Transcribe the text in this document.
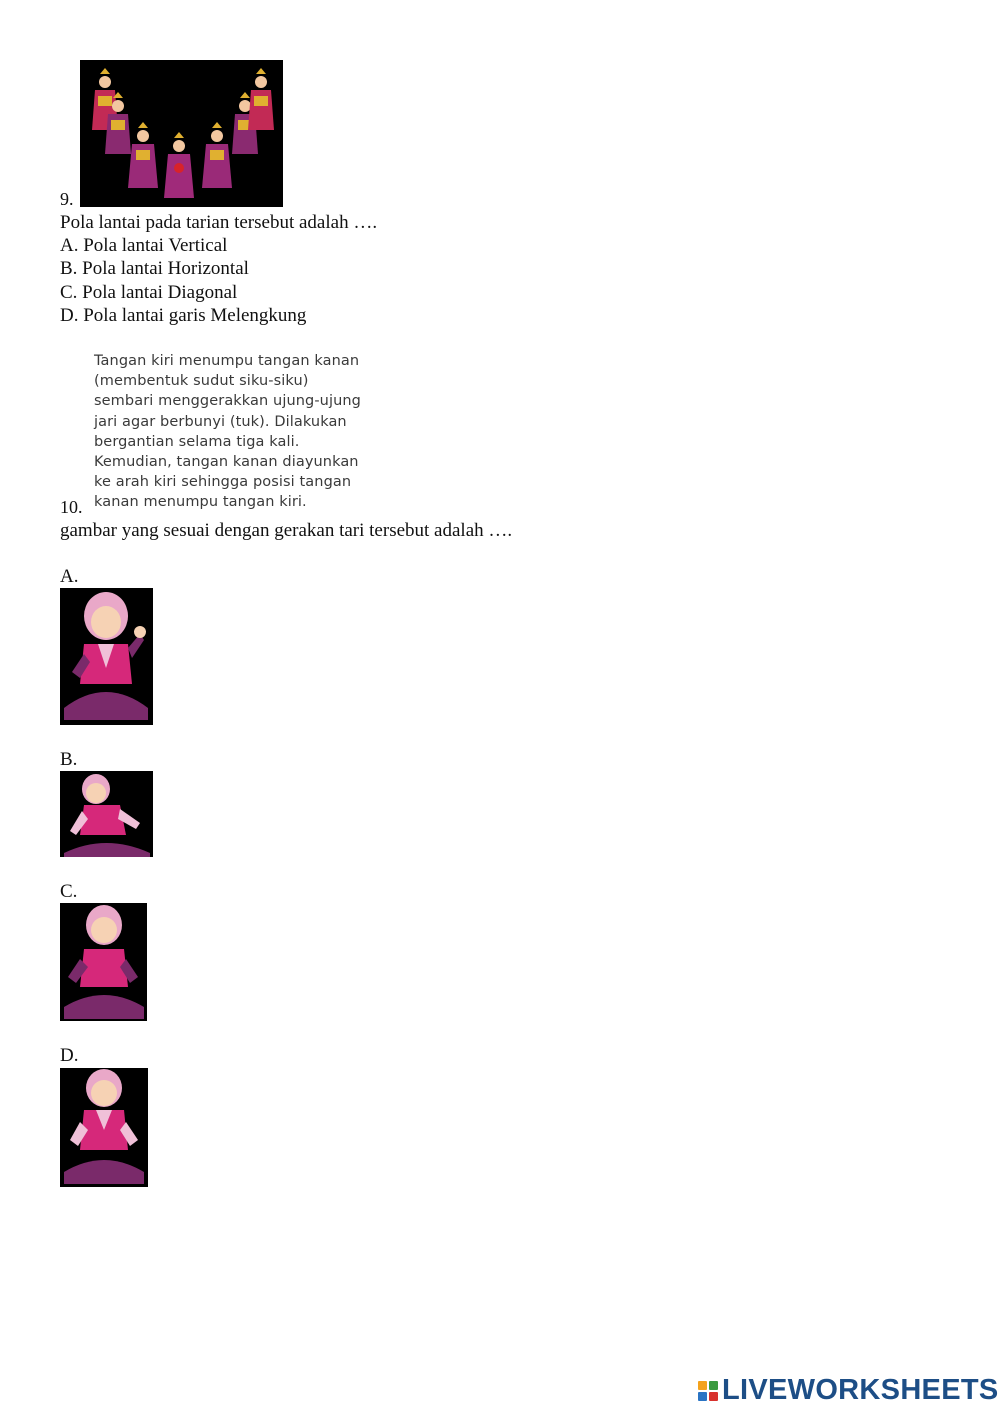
9.
Pola lantai pada tarian tersebut adalah ….
A. Pola lantai Vertical
B. Pola lantai Horizontal
C. Pola lantai Diagonal
D. Pola lantai garis Melengkung
Tangan kiri menumpu tangan kanan
(membentuk sudut siku-siku)
sembari menggerakkan ujung-ujung
jari agar berbunyi (tuk). Dilakukan
bergantian selama tiga kali.
Kemudian, tangan kanan diayunkan
ke arah kiri sehingga posisi tangan
kanan menumpu tangan kiri.
10.
gambar yang sesuai dengan gerakan tari tersebut adalah ….
A.
B.
C.
D.
LIVEWORKSHEETS
